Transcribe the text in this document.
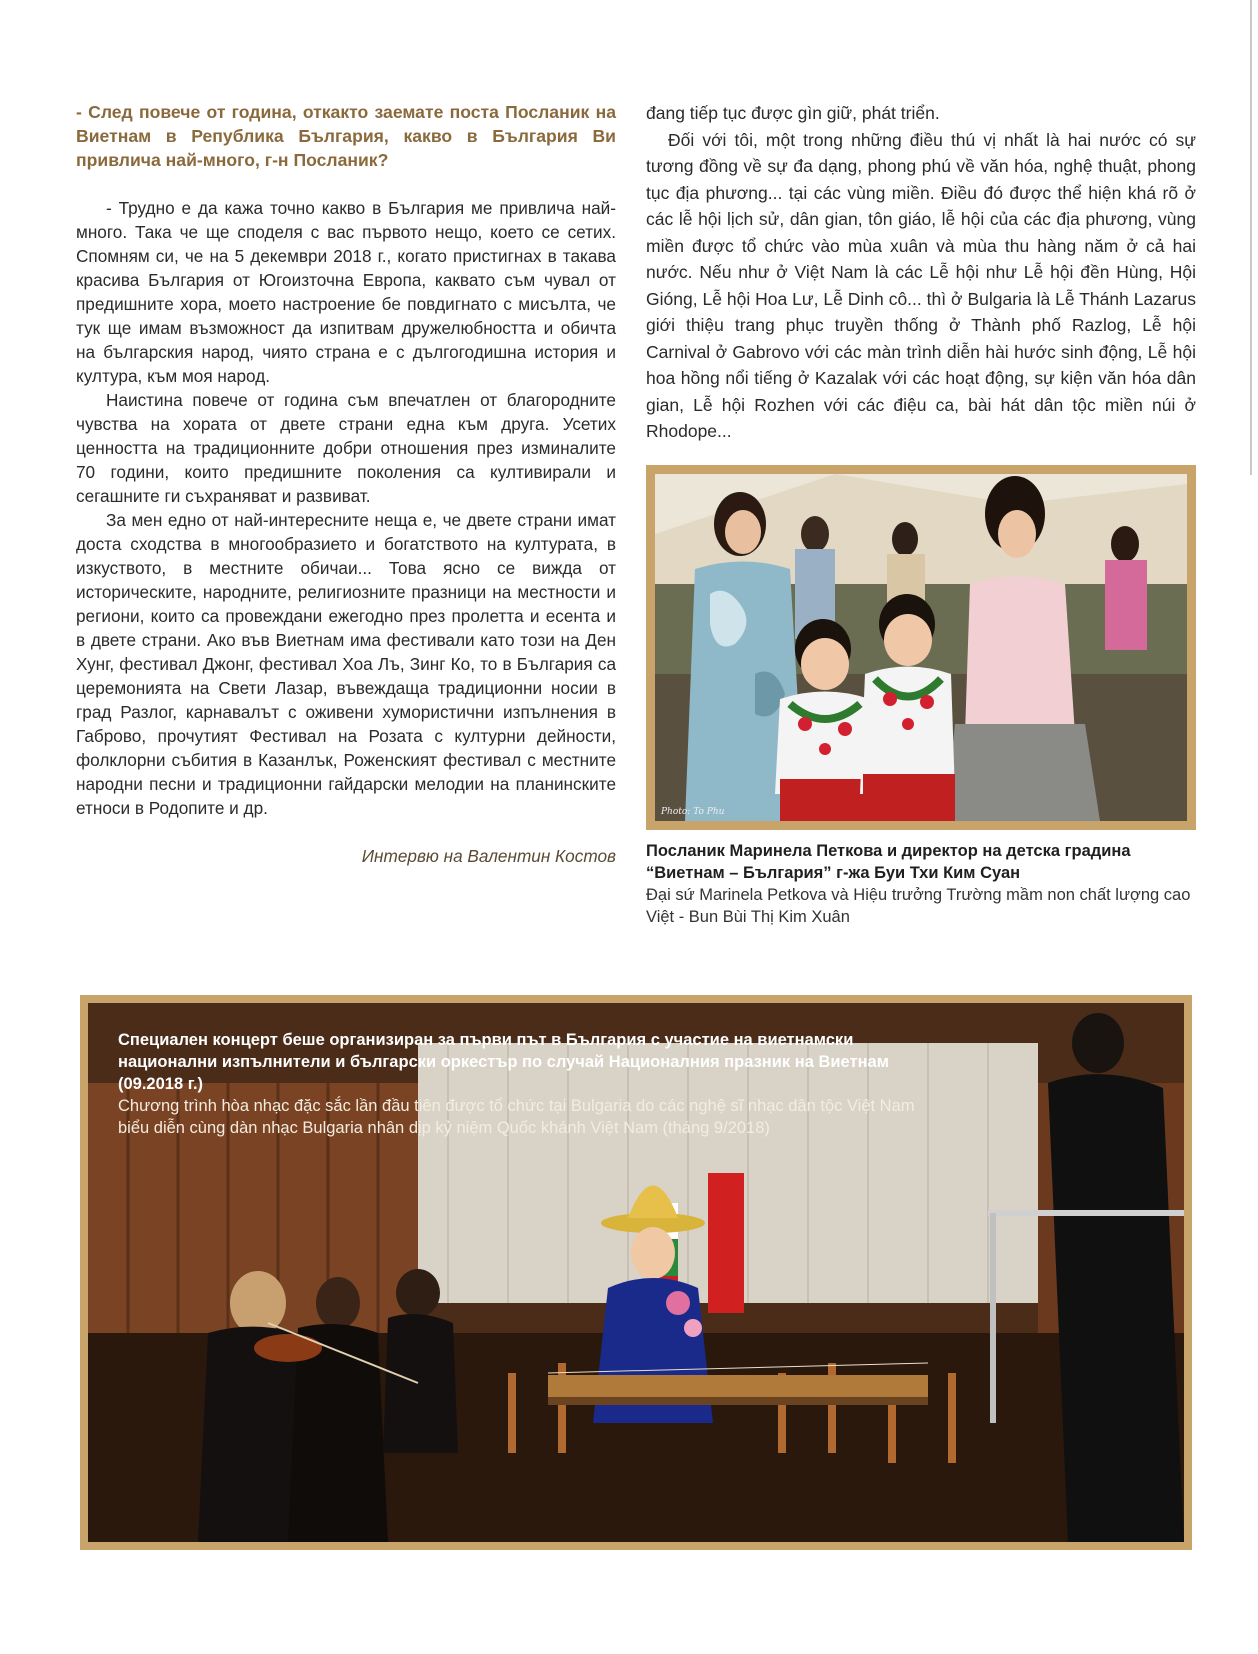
- След повече от година, откакто заемате поста Посланик на Виетнам в Република България, какво в България Ви привлича най-много, г-н Посланик?

- Трудно е да кажа точно какво в България ме привлича най-много. Така че ще споделя с вас първото нещо, което се сетих. Спомням си, че на 5 декември 2018 г., когато пристигнах в такава красива България от Югоизточна Европа, каквато съм чувал от предишните хора, моето настроение бе повдигнато с мисълта, че тук ще имам възможност да изпитвам дружелюбността и обичта на българския народ, чиято страна е с дългогодишна история и култура, към моя народ.

Наистина повече от година съм впечатлен от благородните чувства на хората от двете страни една към друга. Усетих ценността на традиционните добри отношения през изминалите 70 години, които предишните поколения са култивирали и сегашните ги съхраняват и развиват.

За мен едно от най-интересните неща е, че двете страни имат доста сходства в многообразието и богатството на културата, в изкуството, в местните обичаи... Това ясно се вижда от историческите, народните, религиозните празници на местности и региони, които са провеждани ежегодно през пролетта и есента и в двете страни. Ако във Виетнам има фестивали като този на Ден Хунг, фестивал Джонг, фестивал Хоа Лъ, Зинг Ко, то в България са церемонията на Свети Лазар, въвеждаща традиционни носии в град Разлог, карнавалът с оживени хумористични изпълнения в Габрово, прочутият Фестивал на Розата с културни дейности, фолклорни събития в Казанлък, Роженският фестивал с местните народни песни и традиционни гайдарски мелодии на планинските етноси в Родопите и др.

Интервю на Валентин Костов

đang tiếp tục được gìn giữ, phát triển.

Đối với tôi, một trong những điều thú vị nhất là hai nước có sự tương đồng về sự đa dạng, phong phú về văn hóa, nghệ thuật, phong tục địa phương... tại các vùng miền. Điều đó được thể hiện khá rõ ở các lễ hội lịch sử, dân gian, tôn giáo, lễ hội của các địa phương, vùng miền được tổ chức vào mùa xuân và mùa thu hàng năm ở cả hai nước. Nếu như ở Việt Nam là các Lễ hội như Lễ hội đền Hùng, Hội Gióng, Lễ hội Hoa Lư, Lễ Dinh cô... thì ở Bulgaria là Lễ Thánh Lazarus giới thiệu trang phục truyền thống ở Thành phố Razlog, Lễ hội Carnival ở Gabrovo với các màn trình diễn hài hước sinh động, Lễ hội hoa hồng nổi tiếng ở Kazalak với các hoạt động, sự kiện văn hóa dân gian, Lễ hội Rozhen với các điệu ca, bài hát dân tộc miền núi ở Rhodope...

Photo: To Phu
Посланик Маринела Петкова и директор на детска градина “Виетнам – България” г-жа Буи Тхи Ким Суан
Đại sứ Marinela Petkova và Hiệu trưởng Trường mầm non chất lượng cao Việt - Bun Bùi Thị Kim Xuân
Специален концерт беше организиран за първи път в България с участие на виетнамски национални изпълнители и български оркестър по случай Националния празник на Виетнам (09.2018 г.)
Chương trình hòa nhạc đặc sắc lần đầu tiên được tổ chức tại Bulgaria do các nghệ sĩ nhạc dân tộc Việt Nam biểu diễn cùng dàn nhạc Bulgaria nhân dịp kỷ niệm Quốc khánh Việt Nam (tháng 9/2018)
